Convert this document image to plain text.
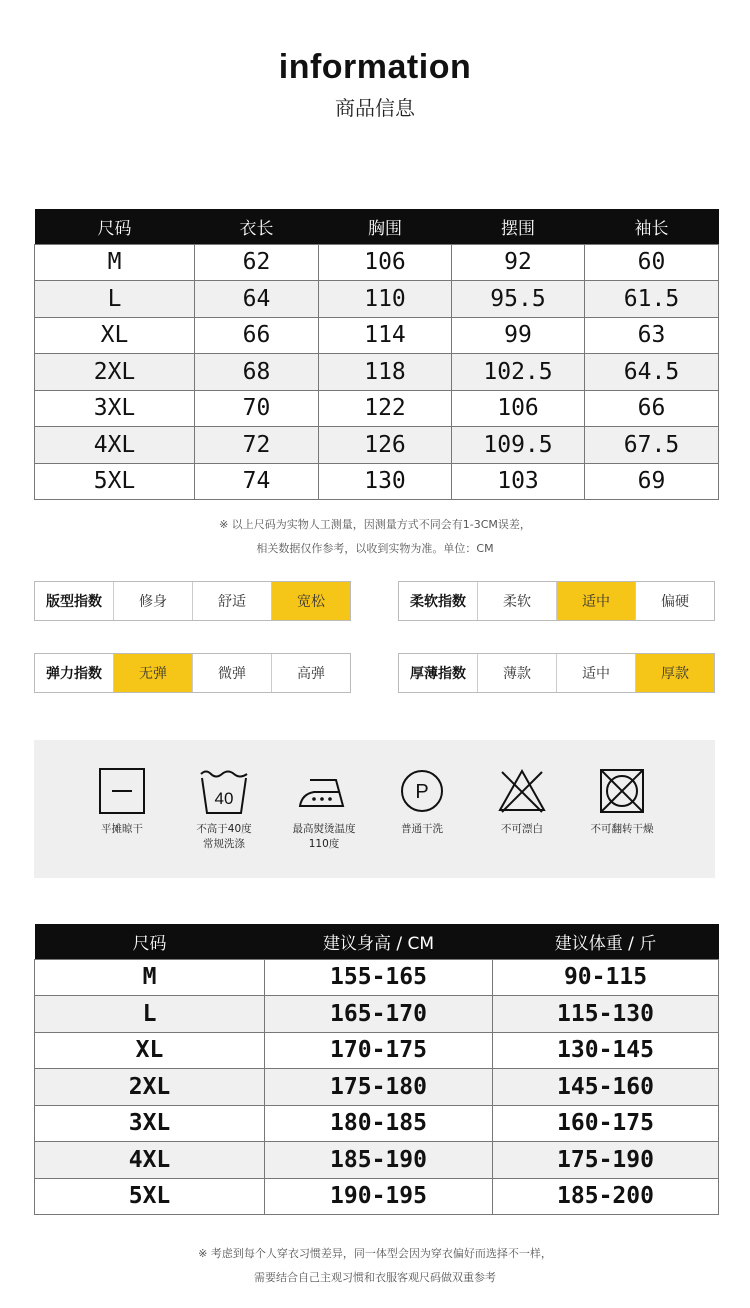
information
商品信息
尺码	衣长	胸围	摆围	袖长
M	62	106	92	60
L	64	110	95.5	61.5
XL	66	114	99	63
2XL	68	118	102.5	64.5
3XL	70	122	106	66
4XL	72	126	109.5	67.5
5XL	74	130	103	69
※ 以上尺码为实物人工测量，因测量方式不同会有1-3CM误差，
相关数据仅作参考，以收到实物为准。单位：CM
版型指数	修身	舒适	宽松	柔软指数	柔软	适中	偏硬
弹力指数	无弹	微弹	高弹	厚薄指数	薄款	适中	厚款
平摊晾干
40
不高于40度
常规洗涤
最高熨烫温度
110度
P
普通干洗	不可漂白	不可翻转干燥
尺码	建议身高 / CM	建议体重 / 斤
M	155-165	90-115
L	165-170	115-130
XL	170-175	130-145
2XL	175-180	145-160
3XL	180-185	160-175
4XL	185-190	175-190
5XL	190-195	185-200
※ 考虑到每个人穿衣习惯差异，同一体型会因为穿衣偏好而选择不一样，
需要结合自己主观习惯和衣服客观尺码做双重参考
